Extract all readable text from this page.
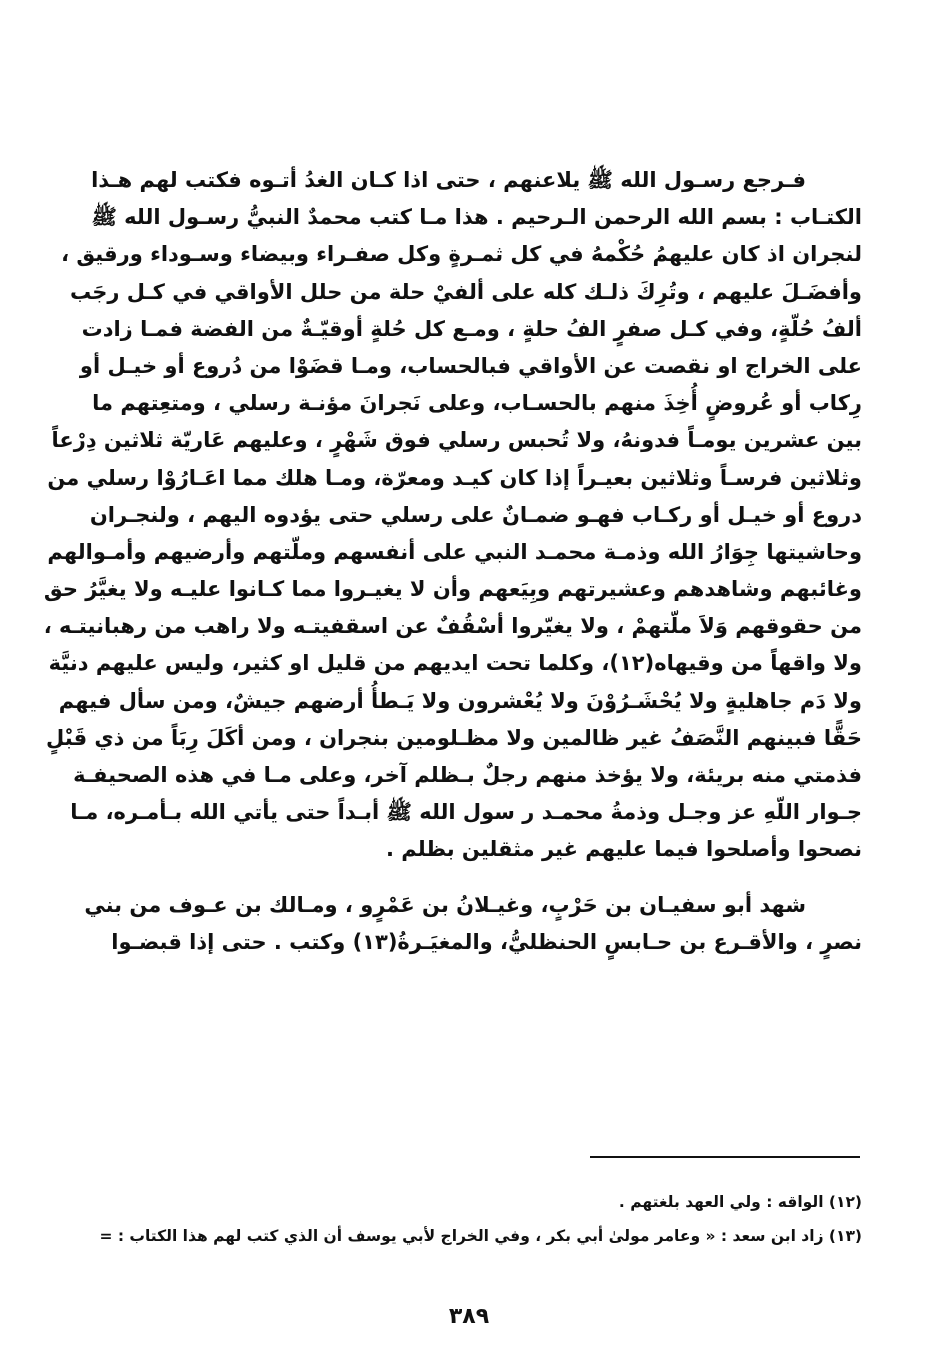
فـرجع رسـول الله ﷺ يلاعنهم ، حتى اذا كـان الغدُ أتـوه فكتب لهم هـذا
الكتـاب : بسم الله الرحمن الـرحيم . هذا مـا كتب محمدٌ النبيُّ رسـول الله ﷺ
لنجران اذ كان عليهمُ حُكْمهُ في كل ثمـرةٍ وكل صفـراء وبيضاء وسـوداء ورقيق ،
وأفضَـلَ عليهم ، وتُرِكَ ذلـك كله على ألفيْ حلة من حلل الأواقي في كـل رجَب
ألفُ حُلّةٍ، وفي كـل صفرٍ الفُ حلةٍ ، ومـع كل حُلةٍ أوقيّـةٌ من الفضة فمـا زادت
على الخراج او نقصت عن الأواقي فبالحساب، ومـا قضَوْا من دُروع أو خيـل أو
رِكاب أو عُروضٍ أُخِذَ منهم بالحسـاب، وعلى نَجرانَ مؤنـة رسلي ، ومتعِتهم ما
بين عشرين يومـاً فدونهُ، ولا تُحبس رسلي فوق شَهْرٍ ، وعليهم عَاريّة ثلاثين دِرْعاً
وثلاثين فرسـاً وثلاثين بعيـراً إذا كان كيـد ومعرّة، ومـا هلك مما اعَـارُوْا رسلي من
دروع أو خيـل أو ركـاب فهـو ضمـانٌ على رسلي حتى يؤدوه اليهم ، ولنجـران
وحاشيتها جِوَارُ الله وذمـة محمـد النبي على أنفسهم وملّتهم وأرضيهم وأمـوالهم
وغائبهم وشاهدهم وعشيرتهم وبِيَعهم وأن لا يغيـروا مما كـانوا عليـه ولا يغيَّرُ حق
من حقوقهم وَلاَ ملّتهمْ ، ولا يغيّروا أسْقُفٌ عن اسقفيتـه ولا راهب من رهبانيتـه ،
ولا واقهاً من وقيهاه(١٢)، وكلما تحت ايديهم من قليل او كثير، وليس عليهم دنيَّة
ولا دَم جاهليةٍ ولا يُحْشَـرُوْنَ ولا يُعْشرون ولا يَـطأُ أرضهم جيشٌ، ومن سأل فيهم
حَقًّا فبينهم النَّصَفُ غير ظالمين ولا مظـلومين بنجران ، ومن أكَلَ رِبَاً من ذي قَبْلٍ
فذمتي منه بريئة، ولا يؤخذ منهم رجلٌ بـظلم آخر، وعلى مـا في هذه الصحيفـة
جـوار اللّهِ عز وجـل وذمةُ محمـد ر سول الله ﷺ أبـداً حتى يأتي الله بـأمـره، مـا
نصحوا وأصلحوا فيما عليهم غير مثقلين بظلم .
شهد أبو سفيـان بن حَرْبٍ، وغيـلانُ بن عَمْرٍو ، ومـالك بن عـوف من بني
نصرٍ ، والأقـرع بن حـابسٍ الحنظليُّ، والمغيَـرةُ(١٣) وكتب . حتى إذا قبضـوا
(١٢) الواقه : ولي العهد بلغتهم .
(١٣) زاد ابن سعد : « وعامر مولىٰ أبي بكر ، وفي الخراج لأبي يوسف أن الذي كتب لهم هذا الكتاب : =
٣٨٩
